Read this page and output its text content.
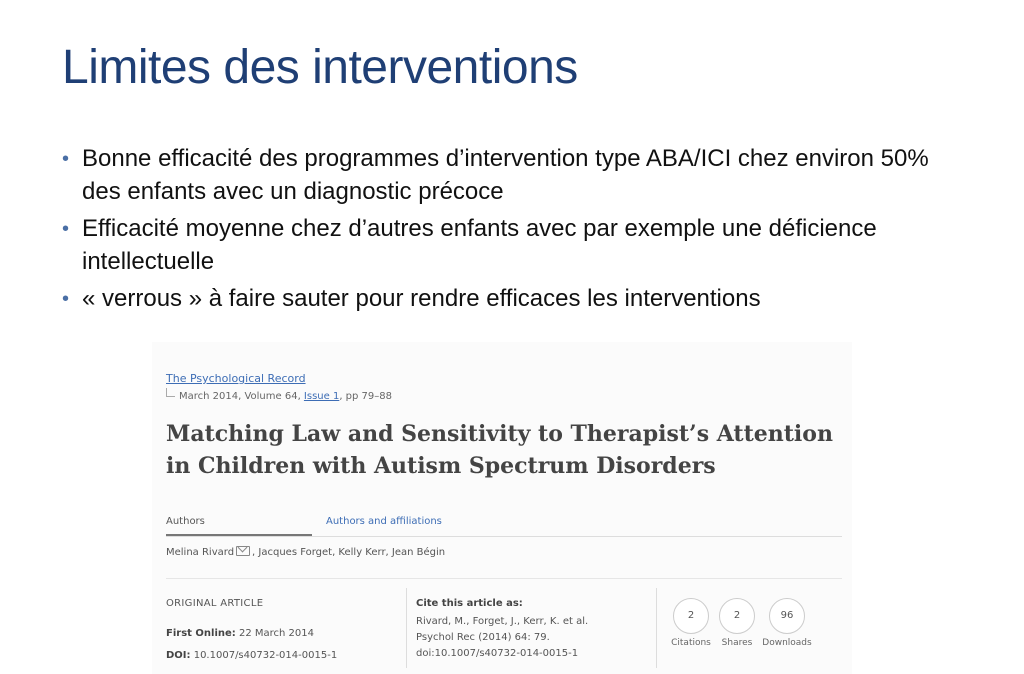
Limites des interventions
• Bonne efficacité des programmes d’intervention type ABA/ICI chez environ 50% des enfants avec un diagnostic précoce
• Efficacité moyenne chez d’autres enfants avec par exemple une déficience intellectuelle
• « verrous » à faire sauter pour rendre efficaces les interventions
The Psychological Record
March 2014, Volume 64, Issue 1, pp 79–88
Matching Law and Sensitivity to Therapist’s Attention in Children with Autism Spectrum Disorders
Authors	Authors and affiliations
Melina Rivard , Jacques Forget, Kelly Kerr, Jean Bégin
ORIGINAL ARTICLE
First Online: 22 March 2014
DOI: 10.1007/s40732-014-0015-1
Cite this article as:
Rivard, M., Forget, J., Kerr, K. et al.
Psychol Rec (2014) 64: 79.
doi:10.1007/s40732-014-0015-1
2
Citations
2
Shares
96
Downloads
